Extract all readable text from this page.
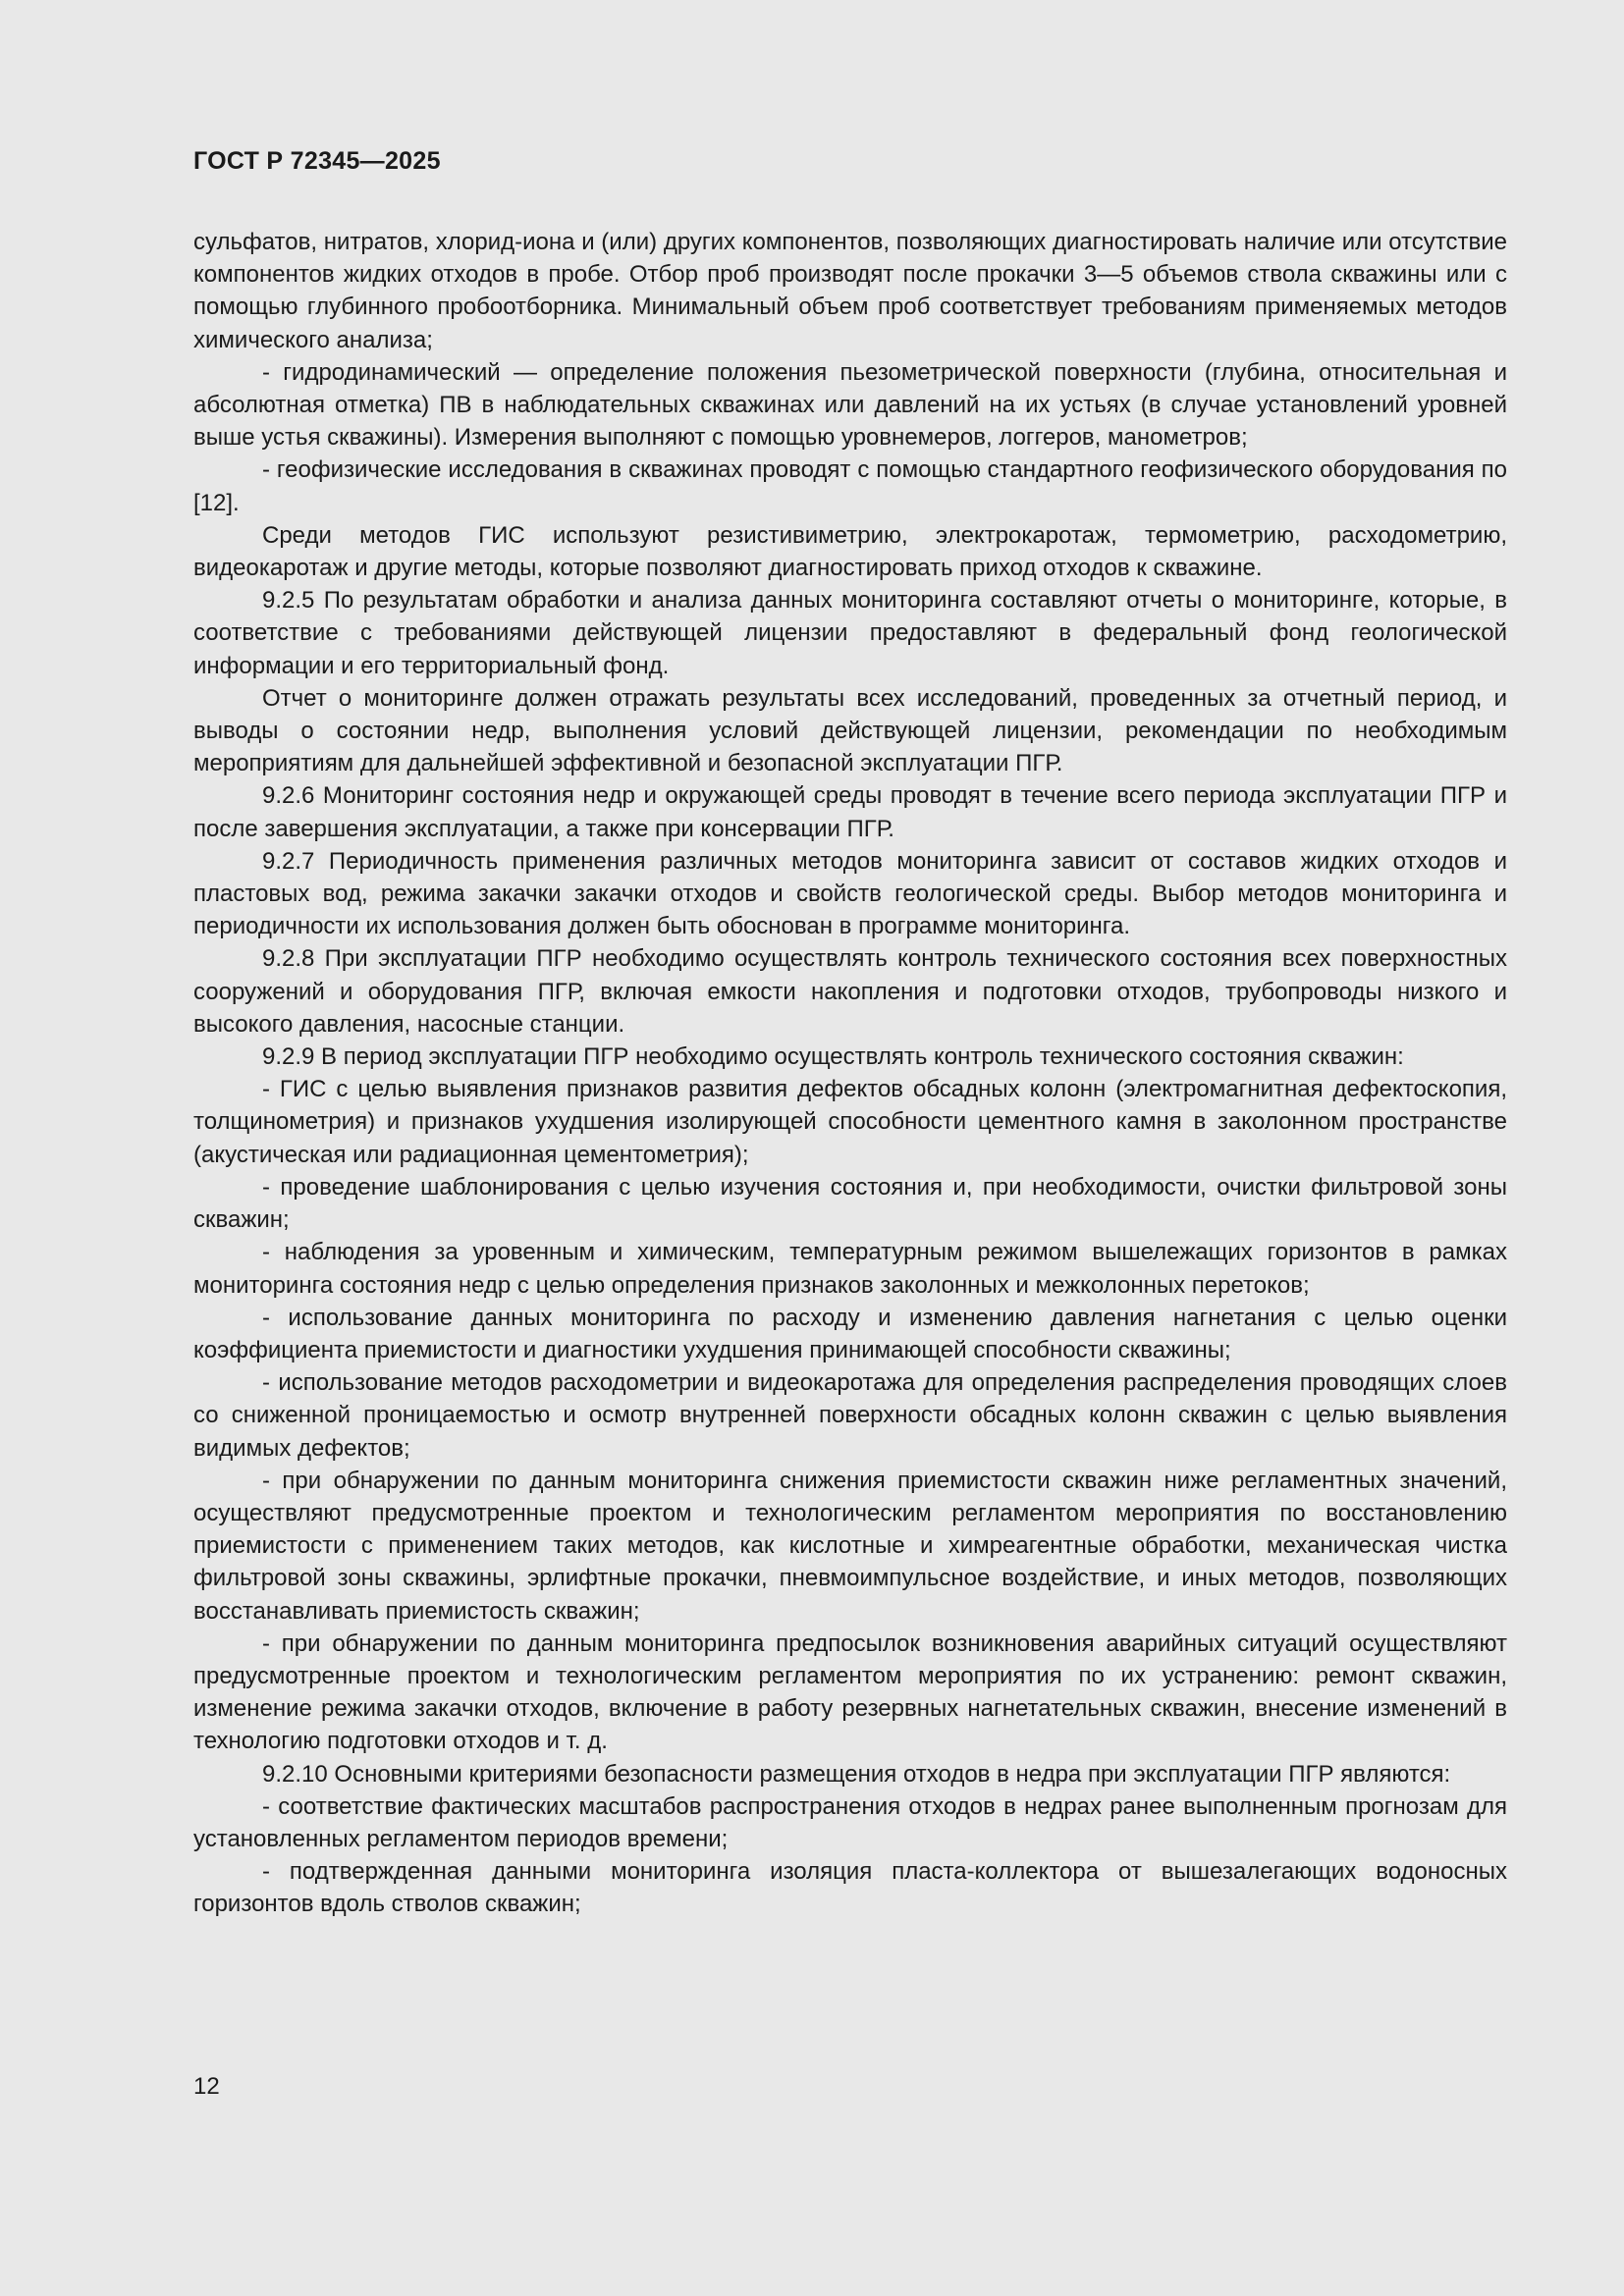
ГОСТ Р 72345—2025

сульфатов, нитратов, хлорид-иона и (или) других компонентов, позволяющих диагностировать наличие или отсутствие компонентов жидких отходов в пробе. Отбор проб производят после прокачки 3—5 объемов ствола скважины или с помощью глубинного пробоотборника. Минимальный объем проб соответствует требованиям применяемых методов химического анализа;

- гидродинамический — определение положения пьезометрической поверхности (глубина, относительная и абсолютная отметка) ПВ в наблюдательных скважинах или давлений на их устьях (в случае установлений уровней выше устья скважины). Измерения выполняют с помощью уровнемеров, логгеров, манометров;

- геофизические исследования в скважинах проводят с помощью стандартного геофизического оборудования по [12].

Среди методов ГИС используют резистивиметрию, электрокаротаж, термометрию, расходометрию, видеокаротаж и другие методы, которые позволяют диагностировать приход отходов к скважине.

9.2.5 По результатам обработки и анализа данных мониторинга составляют отчеты о мониторинге, которые, в соответствие с требованиями действующей лицензии предоставляют в федеральный фонд геологической информации и его территориальный фонд.

Отчет о мониторинге должен отражать результаты всех исследований, проведенных за отчетный период, и выводы о состоянии недр, выполнения условий действующей лицензии, рекомендации по необходимым мероприятиям для дальнейшей эффективной и безопасной эксплуатации ПГР.

9.2.6 Мониторинг состояния недр и окружающей среды проводят в течение всего периода эксплуатации ПГР и после завершения эксплуатации, а также при консервации ПГР.

9.2.7 Периодичность применения различных методов мониторинга зависит от составов жидких отходов и пластовых вод, режима закачки закачки отходов и свойств геологической среды. Выбор методов мониторинга и периодичности их использования должен быть обоснован в программе мониторинга.

9.2.8 При эксплуатации ПГР необходимо осуществлять контроль технического состояния всех поверхностных сооружений и оборудования ПГР, включая емкости накопления и подготовки отходов, трубопроводы низкого и высокого давления, насосные станции.

9.2.9 В период эксплуатации ПГР необходимо осуществлять контроль технического состояния скважин:

- ГИС с целью выявления признаков развития дефектов обсадных колонн (электромагнитная дефектоскопия, толщинометрия) и признаков ухудшения изолирующей способности цементного камня в заколонном пространстве (акустическая или радиационная цементометрия);

- проведение шаблонирования с целью изучения состояния и, при необходимости, очистки фильтровой зоны скважин;

- наблюдения за уровенным и химическим, температурным режимом вышележащих горизонтов в рамках мониторинга состояния недр с целью определения признаков заколонных и межколонных перетоков;

- использование данных мониторинга по расходу и изменению давления нагнетания с целью оценки коэффициента приемистости и диагностики ухудшения принимающей способности скважины;

- использование методов расходометрии и видеокаротажа для определения распределения проводящих слоев со сниженной проницаемостью и осмотр внутренней поверхности обсадных колонн скважин с целью выявления видимых дефектов;

- при обнаружении по данным мониторинга снижения приемистости скважин ниже регламентных значений, осуществляют предусмотренные проектом и технологическим регламентом мероприятия по восстановлению приемистости с применением таких методов, как кислотные и химреагентные обработки, механическая чистка фильтровой зоны скважины, эрлифтные прокачки, пневмоимпульсное воздействие, и иных методов, позволяющих восстанавливать приемистость скважин;

- при обнаружении по данным мониторинга предпосылок возникновения аварийных ситуаций осуществляют предусмотренные проектом и технологическим регламентом мероприятия по их устранению: ремонт скважин, изменение режима закачки отходов, включение в работу резервных нагнетательных скважин, внесение изменений в технологию подготовки отходов и т. д.

9.2.10 Основными критериями безопасности размещения отходов в недра при эксплуатации ПГР являются:

- соответствие фактических масштабов распространения отходов в недрах ранее выполненным прогнозам для установленных регламентом периодов времени;

- подтвержденная данными мониторинга изоляция пласта-коллектора от вышезалегающих водоносных горизонтов вдоль стволов скважин;

12
